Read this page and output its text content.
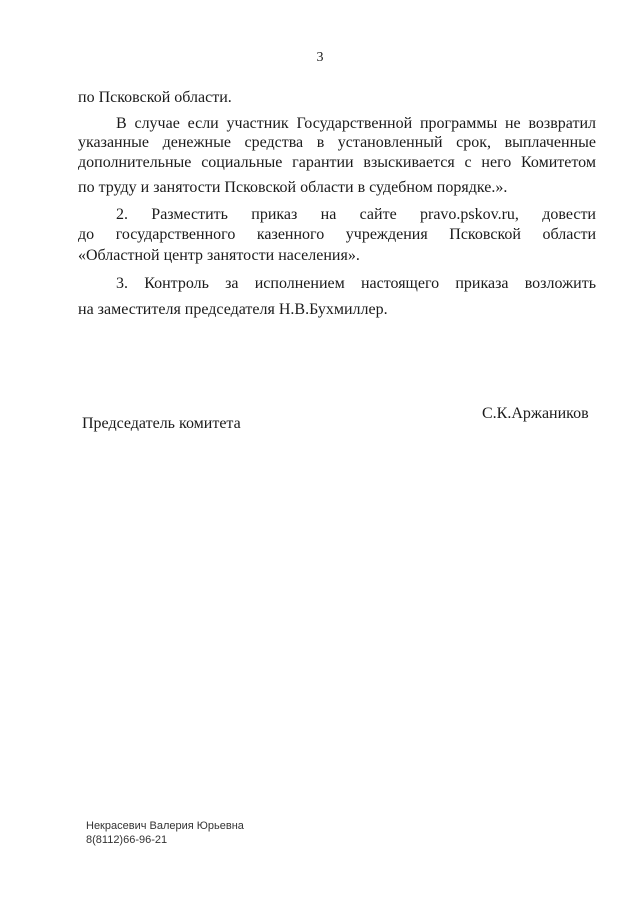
3
по Псковской области.
В случае если участник Государственной программы не возвратил
указанные денежные средства в установленный срок, выплаченные
дополнительные социальные гарантии взыскивается с него Комитетом
по труду и занятости Псковской области в судебном порядке.».
2. Разместить приказ на сайте pravo.pskov.ru, довести
до государственного казенного учреждения Псковской области
«Областной центр занятости населения».
3. Контроль за исполнением настоящего приказа возложить
на заместителя председателя Н.В.Бухмиллер.
Председатель комитета
С.К.Аржаников
Некрасевич Валерия Юрьевна
8(8112)66-96-21
